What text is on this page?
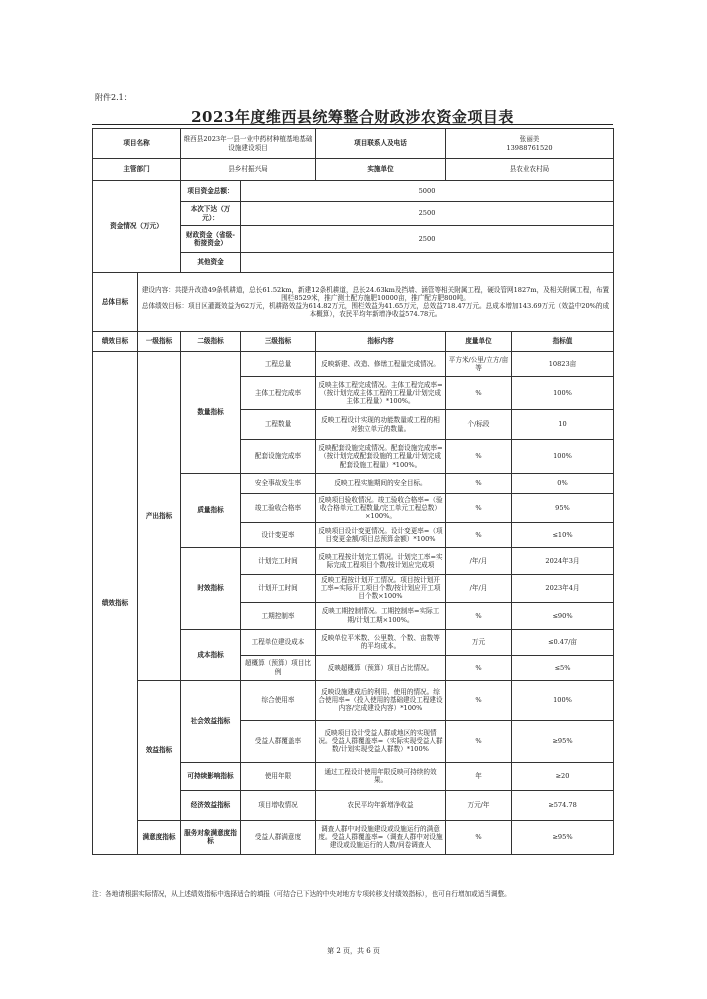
附件2.1：
2023年度维西县统筹整合财政涉农资金项目表
项目名称		维西县2023年一县一业中药材种植基地基础设施建设项目		项目联系人及电话	张丽美
13988761520	

主管部门		县乡村振兴局		实施单位	县农业农村局	
资金情况（万元）		项目资金总额：	5000			
		本次下达（万元）：	2500			
		财政资金（省级-衔接资金）	2500			
		其他资金				
总体目标	建设内容：共提升改造49条机耕道，总长61.52km，新建12条机耕道，总长24.63km及挡墙、涵管等相关附属工程，硬设管网1827m，及相关附属工程，布置围栏8529米，推广测土配方施肥10000亩，推广配方肥800吨。
总体绩效目标：项目区灌溉效益为62万元，机耕路效益为614.82万元，围栏效益为41.65万元，总效益718.47万元。总成本增加143.69万元（效益中20%的成本概算），农民平均年新增净收益574.78元。					

绩效目标	一级指标	二级指标	三级指标	指标内容	度量单位	指标值
绩效指标	产出指标	数量指标	工程总量	反映新建、改造、修缮工程量完成情况。	平方米/公里/立方/亩等	10823亩
			主体工程完成率	反映主体工程完成情况。主体工程完成率=（按计划完成主体工程的工程量/计划完成主体工程量）*100%。	%	100%
			工程数量	反映工程设计实现的功能数量或工程的相对独立单元的数量。	个/标段	10
			配套设施完成率	反映配套设施完成情况。配套设施完成率=（按计划完成配套设施的工程量/计划完成配套设施工程量）*100%。	%	100%
		质量指标	安全事故发生率	反映工程实施期间的安全目标。	%	0%
			竣工验收合格率	反映项目验收情况。竣工验收合格率=（验收合格单元工程数量/完工单元工程总数）×100%。	%	95%
			设计变更率	反映项目设计变更情况。设计变更率=（项目变更金额/项目总预算金额）*100%	%	≤10%
		时效指标	计划完工时间	反映工程按计划完工情况。计划完工率=实际完成工程项目个数/按计划应完成项	/年/月	2024年3月
			计划开工时间	反映工程按计划开工情况。项目按计划开工率=实际开工项目个数/按计划应开工项目个数×100%	/年/月	2023年4月
			工期控制率	反映工期控制情况。工期控制率=实际工期/计划工期×100%。	%	≤90%
		成本指标	工程单位建设成本	反映单位平米数、公里数、个数、亩数等的平均成本。	万元	≤0.47/亩
			超概算（预算）项目比例	反映超概算（预算）项目占比情况。	%	≤5%
	效益指标	社会效益指标	综合使用率	反映设施建成后的利用、使用的情况。综合使用率=（投入使用的基础建设工程建设内容/完成建设内容）*100%	%	100%
			受益人群覆盖率	反映项目设计受益人群或地区的实现情况。受益人群覆盖率=（实际实现受益人群数/计划实现受益人群数）*100%	%	≥95%
		可持续影响指标	使用年限	通过工程设计使用年限反映可持续的效果。	年	≥20
		经济效益指标	项目增收情况	农民平均年新增净收益	万元/年	≥574.78
	满意度指标	服务对象满意度指标	受益人群满意度	调查人群中对设施建设或设施运行的满意度。受益人群覆盖率=（调查人群中对设施建设或设施运行的人数/问卷调查人	%	≥95%
注：各地请根据实际情况，从上述绩效指标中选择适合的填报（可结合已下达的中央对地方专项转移支付绩效指标），也可自行增加或适当调整。
第 2 页，共 6 页
